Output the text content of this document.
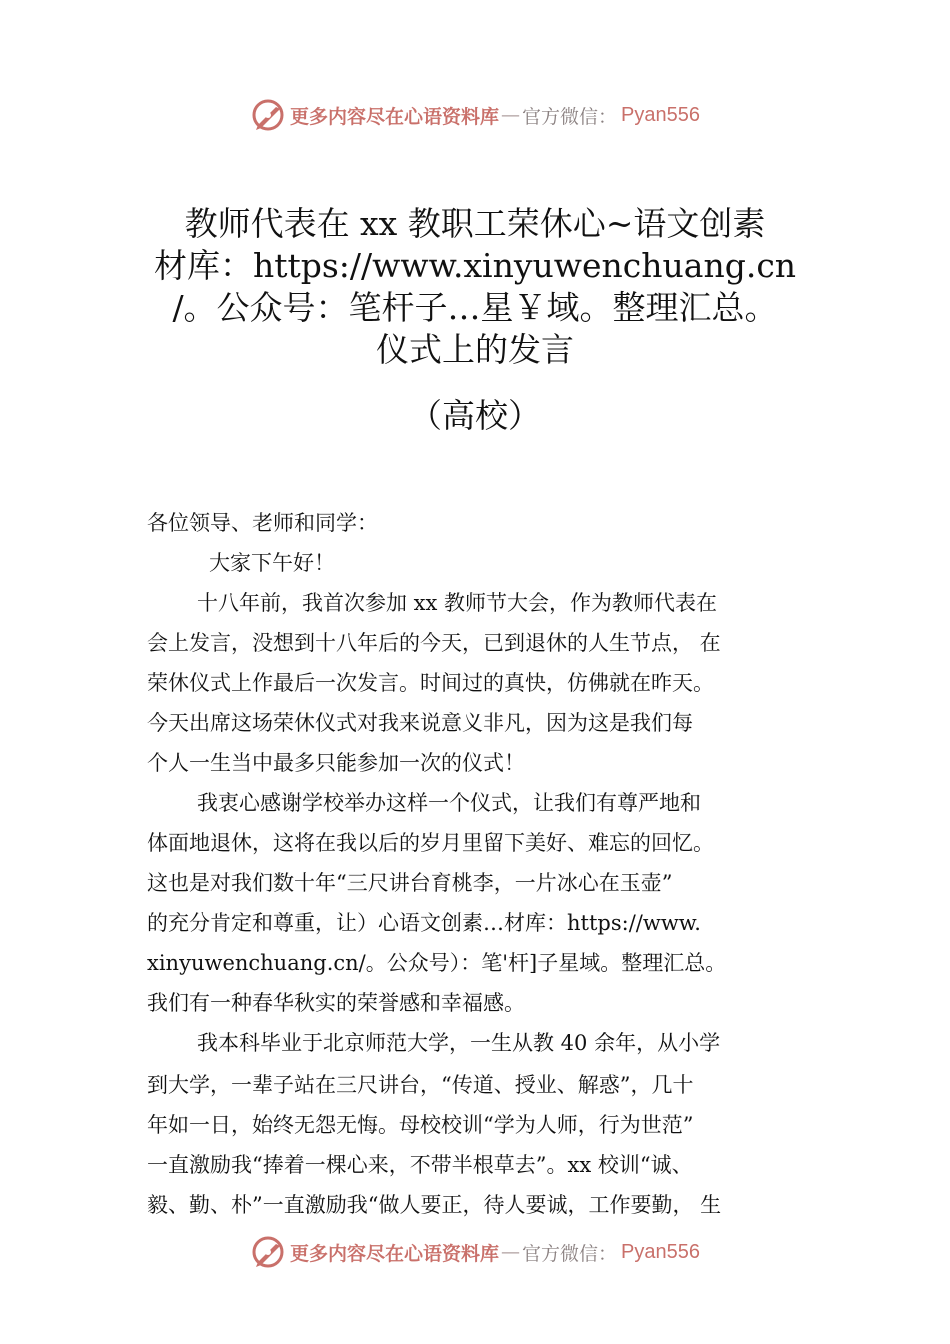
更多内容尽在心语资料库 — 官方微信： Pyan556
教师代表在 xx 教职工荣休心~语文创素
材库：https://www.xinyuwenchuang.cn
/。公众号：笔杆子…星￥域。整理汇总。
仪式上的发言
（高校）
各位领导、老师和同学：
大家下午好！
十八年前，我首次参加 xx 教师节大会，作为教师代表在
会上发言，没想到十八年后的今天，已到退休的人生节点， 在
荣休仪式上作最后一次发言。时间过的真快，仿佛就在昨天。
今天出席这场荣休仪式对我来说意义非凡，因为这是我们每
个人一生当中最多只能参加一次的仪式！
我衷心感谢学校举办这样一个仪式，让我们有尊严地和
体面地退休，这将在我以后的岁月里留下美好、难忘的回忆。
这也是对我们数十年“三尺讲台育桃李，一片冰心在玉壶”
的充分肯定和尊重，让）心语文创素…材库：https://www.
xinyuwenchuang.cn/。公众号）：笔'杆]子星域。整理汇总。
我们有一种春华秋实的荣誉感和幸福感。
我本科毕业于北京师范大学，一生从教 40 余年，从小学
到大学，一辈子站在三尺讲台，“传道、授业、解惑”，几十
年如一日，始终无怨无悔。母校校训“学为人师，行为世范”
一直激励我“捧着一棵心来，不带半根草去”。xx 校训“诚、
毅、勤、朴”一直激励我“做人要正，待人要诚，工作要勤， 生
更多内容尽在心语资料库 — 官方微信： Pyan556
